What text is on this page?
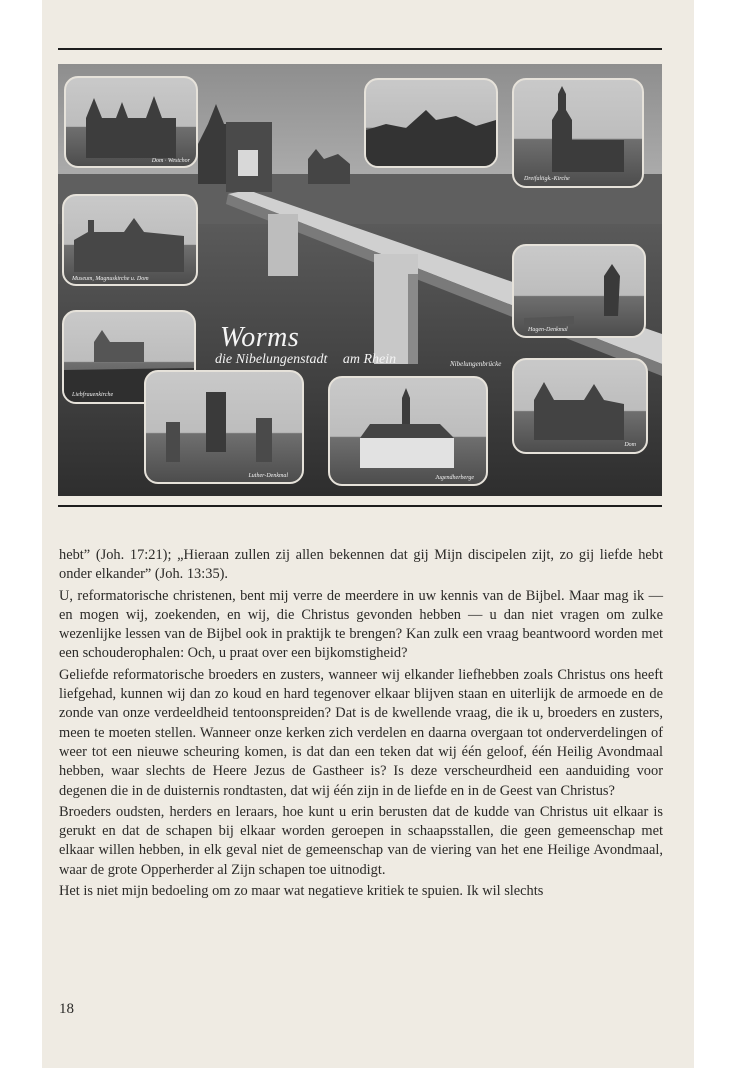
Dom · Westchor
Museum, Magnuskirche u. Dom
Liebfrauenkirche
Luther-Denkmal
Dreifaltigk.-Kirche
Hagen-Denkmal
Dom
Jugendherberge
Worms
die Nibelungenstadt am Rhein	Nibelungenbrücke

hebt” (Joh. 17:21); „Hieraan zullen zij allen bekennen dat gij Mijn discipelen zijt, zo gij liefde hebt onder elkander” (Joh. 13:35).

U, reformatorische christenen, bent mij verre de meerdere in uw kennis van de Bijbel. Maar mag ik — en mogen wij, zoekenden, en wij, die Christus gevonden hebben — u dan niet vragen om zulke wezenlijke lessen van de Bijbel ook in praktijk te brengen? Kan zulk een vraag beantwoord worden met een schouderophalen: Och, u praat over een bijkomstigheid?

Geliefde reformatorische broeders en zusters, wanneer wij elkander liefhebben zoals Christus ons heeft liefgehad, kunnen wij dan zo koud en hard tegenover elkaar blijven staan en uiterlijk de armoede en de zonde van onze verdeeldheid tentoonspreiden? Dat is de kwellende vraag, die ik u, broeders en zusters, meen te moeten stellen. Wanneer onze kerken zich verdelen en daarna overgaan tot onderverdelingen of weer tot een nieuwe scheuring komen, is dat dan een teken dat wij één geloof, één Heilig Avondmaal hebben, waar slechts de Heere Jezus de Gastheer is? Is deze verscheurdheid een aanduiding voor degenen die in de duisternis rondtasten, dat wij één zijn in de liefde en in de Geest van Christus?

Broeders oudsten, herders en leraars, hoe kunt u erin berusten dat de kudde van Christus uit elkaar is gerukt en dat de schapen bij elkaar worden geroepen in schaapsstallen, die geen gemeenschap met elkaar willen hebben, in elk geval niet de gemeenschap van de viering van het ene Heilige Avondmaal, waar de grote Opperherder al Zijn schapen toe uitnodigt.

Het is niet mijn bedoeling om zo maar wat negatieve kritiek te spuien. Ik wil slechts

18
